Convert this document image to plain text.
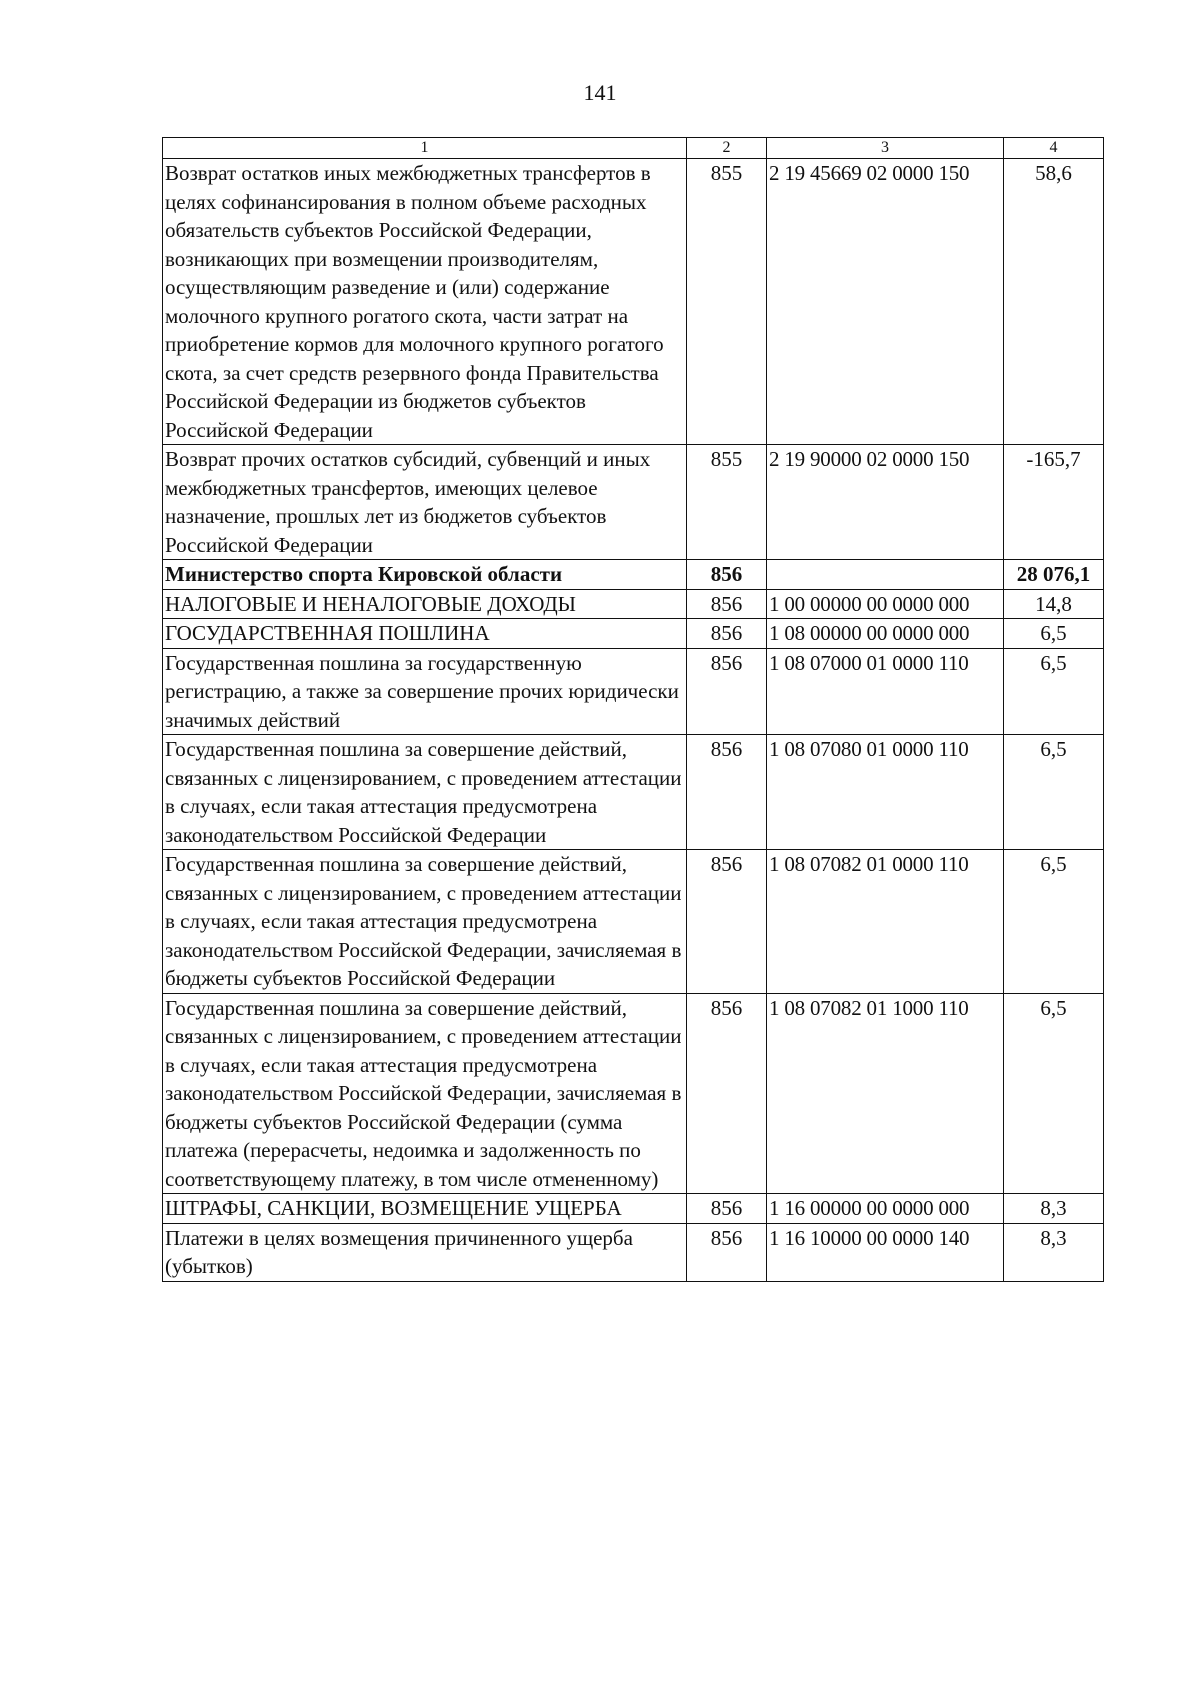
141
1	2	3	4
Возврат остатков иных межбюджетных трансфертов в целях софинансирования в полном объеме расходных обязательств субъектов Российской Федерации, возникающих при возмещении производителям, осуществляющим разведение и (или) содержание молочного крупного рогатого скота, части затрат на приобретение кормов для молочного крупного рогатого скота, за счет средств резервного фонда Правительства Российской Федерации из бюджетов субъектов Российской Федерации	855	2 19 45669 02 0000 150	58,6
Возврат прочих остатков субсидий, субвенций и иных межбюджетных трансфертов, имеющих целевое назначение, прошлых лет из бюджетов субъектов Российской Федерации	855	2 19 90000 02 0000 150	-165,7
Министерство спорта Кировской области	856		28 076,1
НАЛОГОВЫЕ И НЕНАЛОГОВЫЕ ДОХОДЫ	856	1 00 00000 00 0000 000	14,8
ГОСУДАРСТВЕННАЯ ПОШЛИНА	856	1 08 00000 00 0000 000	6,5
Государственная пошлина за государственную регистрацию, а также за совершение прочих юридически значимых действий	856	1 08 07000 01 0000 110	6,5
Государственная пошлина за совершение действий, связанных с лицензированием, с проведением аттестации в случаях, если такая аттестация предусмотрена законодательством Российской Федерации	856	1 08 07080 01 0000 110	6,5
Государственная пошлина за совершение действий, связанных с лицензированием, с проведением аттестации в случаях, если такая аттестация предусмотрена законодательством Российской Федерации, зачисляемая в бюджеты субъектов Российской Федерации	856	1 08 07082 01 0000 110	6,5
Государственная пошлина за совершение действий, связанных с лицензированием, с проведением аттестации в случаях, если такая аттестация предусмотрена законодательством Российской Федерации, зачисляемая в бюджеты субъектов Российской Федерации (сумма платежа (перерасчеты, недоимка и задолженность по соответствующему платежу, в том числе отмененному)	856	1 08 07082 01 1000 110	6,5
ШТРАФЫ, САНКЦИИ, ВОЗМЕЩЕНИЕ УЩЕРБА	856	1 16 00000 00 0000 000	8,3
Платежи в целях возмещения причиненного ущерба (убытков)	856	1 16 10000 00 0000 140	8,3
